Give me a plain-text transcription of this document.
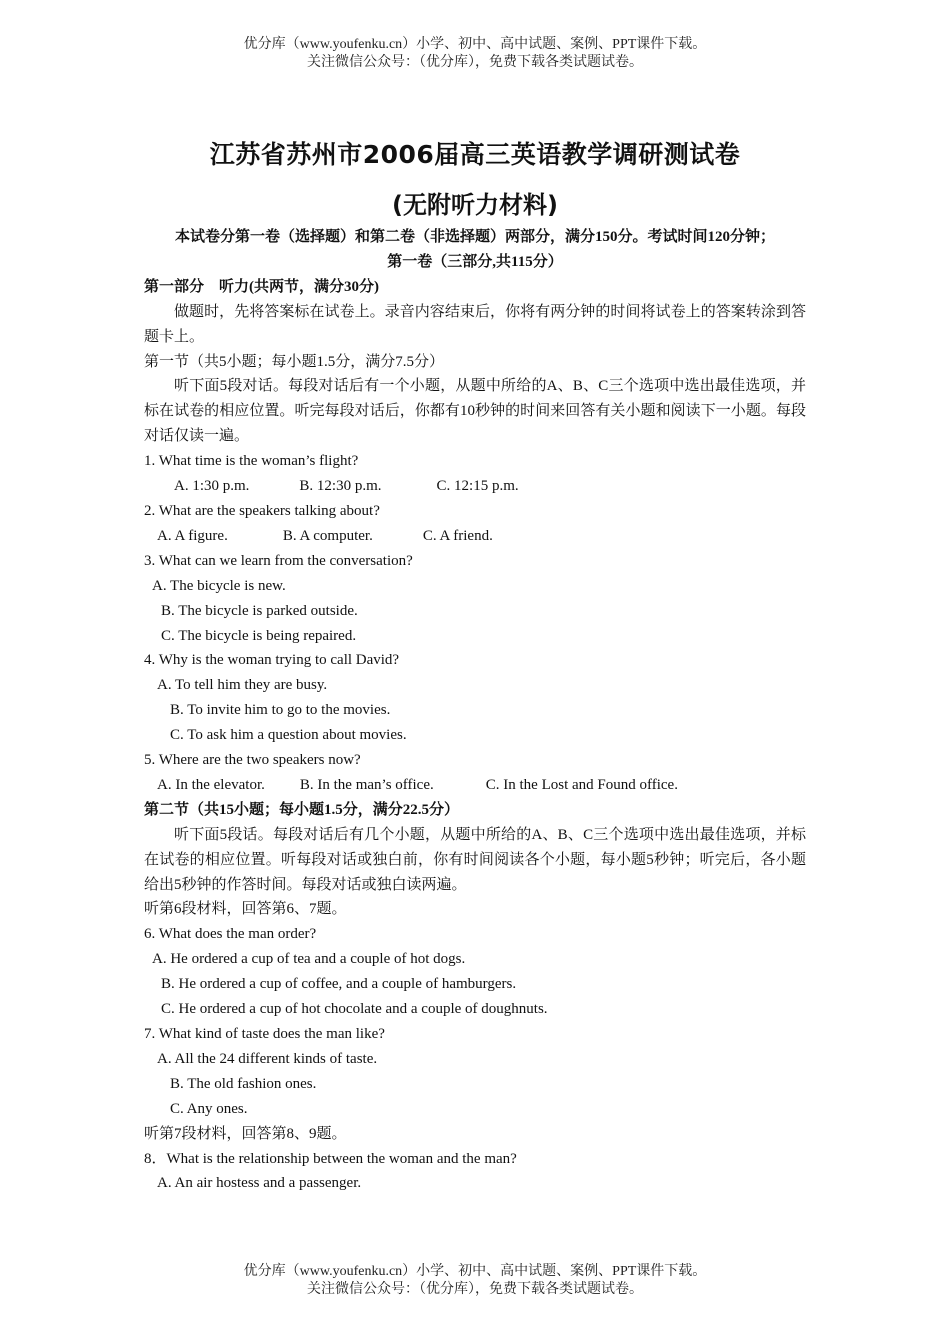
优分库（www.youfenku.cn）小学、初中、高中试题、案例、PPT课件下载。
关注微信公众号：（优分库），免费下载各类试题试卷。
江苏省苏州市2006届高三英语教学调研测试卷
(无附听力材料)

本试卷分第一卷（选择题）和第二卷（非选择题）两部分，满分150分。考试时间120分钟；

第一卷（三部分,共115分）

第一部分　听力(共两节，满分30分)

做题时，先将答案标在试卷上。录音内容结束后，你将有两分钟的时间将试卷上的答案转涂到答题卡上。

第一节（共5小题；每小题1.5分，满分7.5分）

听下面5段对话。每段对话后有一个小题，从题中所给的A、B、C三个选项中选出最佳选项，并标在试卷的相应位置。听完每段对话后，你都有10秒钟的时间来回答有关小题和阅读下一小题。每段对话仅读一遍。

1. What time is the woman’s flight?

A. 1:30 p.m.	B. 12:30 p.m.	C. 12:15 p.m.

2. What are the speakers talking about?

A. A figure.	B. A computer.	C. A friend.

3. What can we learn from the conversation?

A. The bicycle is new.

B. The bicycle is parked outside.

C. The bicycle is being repaired.

4. Why is the woman trying to call David?

A. To tell him they are busy.

B. To invite him to go to the movies.

C. To ask him a question about movies.

5. Where are the two speakers now?

A. In the elevator. B. In the man’s office.	C. In the Lost and Found office.

第二节（共15小题；每小题1.5分，满分22.5分）

听下面5段话。每段对话后有几个小题，从题中所给的A、B、C三个选项中选出最佳选项，并标在试卷的相应位置。听每段对话或独白前，你有时间阅读各个小题，每小题5秒钟；听完后，各小题给出5秒钟的作答时间。每段对话或独白读两遍。

听第6段材料，回答第6、7题。

6. What does the man order?

A. He ordered a cup of tea and a couple of hot dogs.

B. He ordered a cup of coffee, and a couple of hamburgers.

C. He ordered a cup of hot chocolate and a couple of doughnuts.

7. What kind of taste does the man like?

A. All the 24 different kinds of taste.

B. The old fashion ones.

C. Any ones.

听第7段材料，回答第8、9题。

8．What is the relationship between the woman and the man?

A. An air hostess and a passenger.

优分库（www.youfenku.cn）小学、初中、高中试题、案例、PPT课件下载。
关注微信公众号：（优分库），免费下载各类试题试卷。
